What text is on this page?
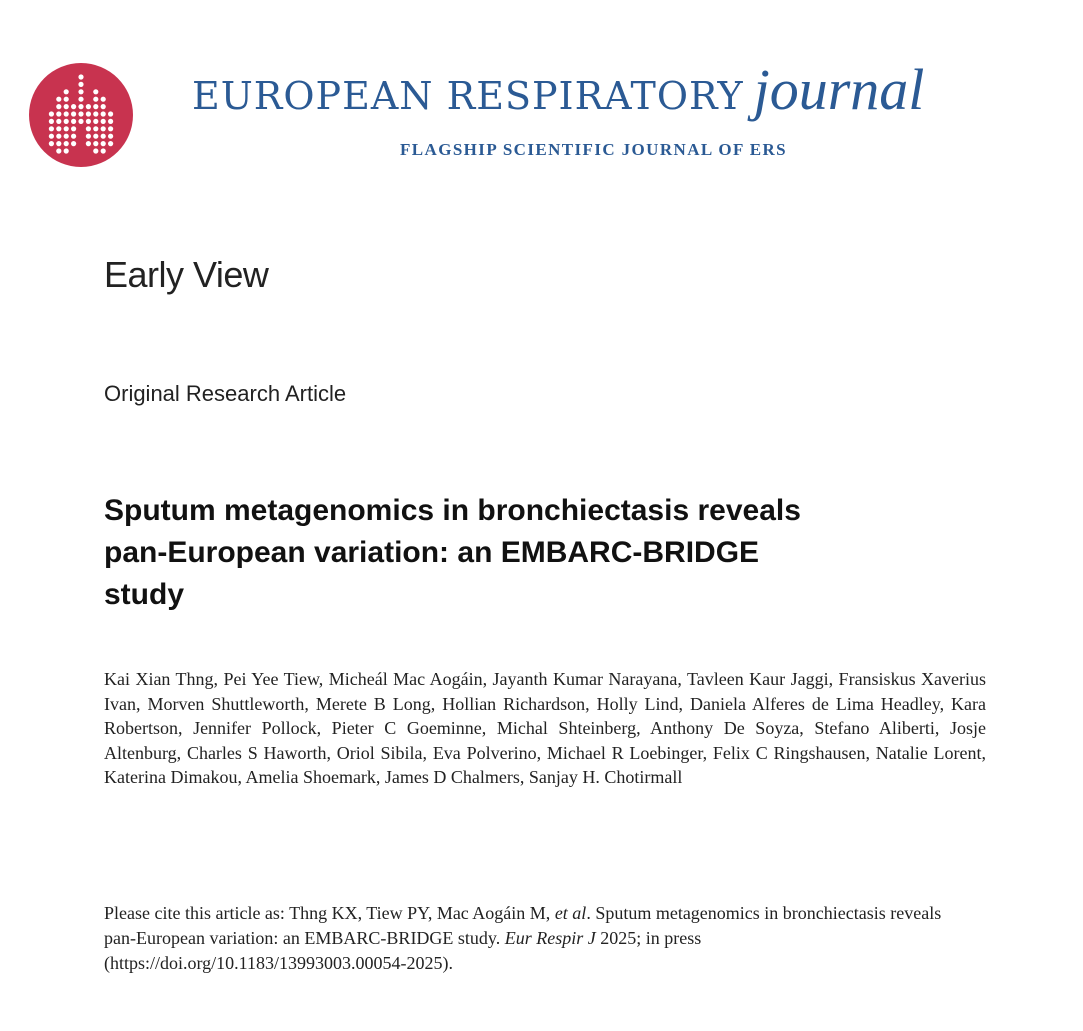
EUROPEAN RESPIRATORY journal
FLAGSHIP SCIENTIFIC JOURNAL OF ERS
Early View
Original Research Article
Sputum metagenomics in bronchiectasis reveals
pan-European variation: an EMBARC-BRIDGE
study
Kai Xian Thng, Pei Yee Tiew, Micheál Mac Aogáin, Jayanth Kumar Narayana, Tavleen Kaur Jaggi, Fransiskus Xaverius Ivan, Morven Shuttleworth, Merete B Long, Hollian Richardson, Holly Lind, Daniela Alferes de Lima Headley, Kara Robertson, Jennifer Pollock, Pieter C Goeminne, Michal Shteinberg, Anthony De Soyza, Stefano Aliberti, Josje Altenburg, Charles S Haworth, Oriol Sibila, Eva Polverino, Michael R Loebinger, Felix C Ringshausen, Natalie Lorent, Katerina Dimakou, Amelia Shoemark, James D Chalmers, Sanjay H. Chotirmall
Please cite this article as: Thng KX, Tiew PY, Mac Aogáin M, et al. Sputum metagenomics in bronchiectasis reveals pan-European variation: an EMBARC-BRIDGE study. Eur Respir J 2025; in press (https://doi.org/10.1183/13993003.00054-2025).
